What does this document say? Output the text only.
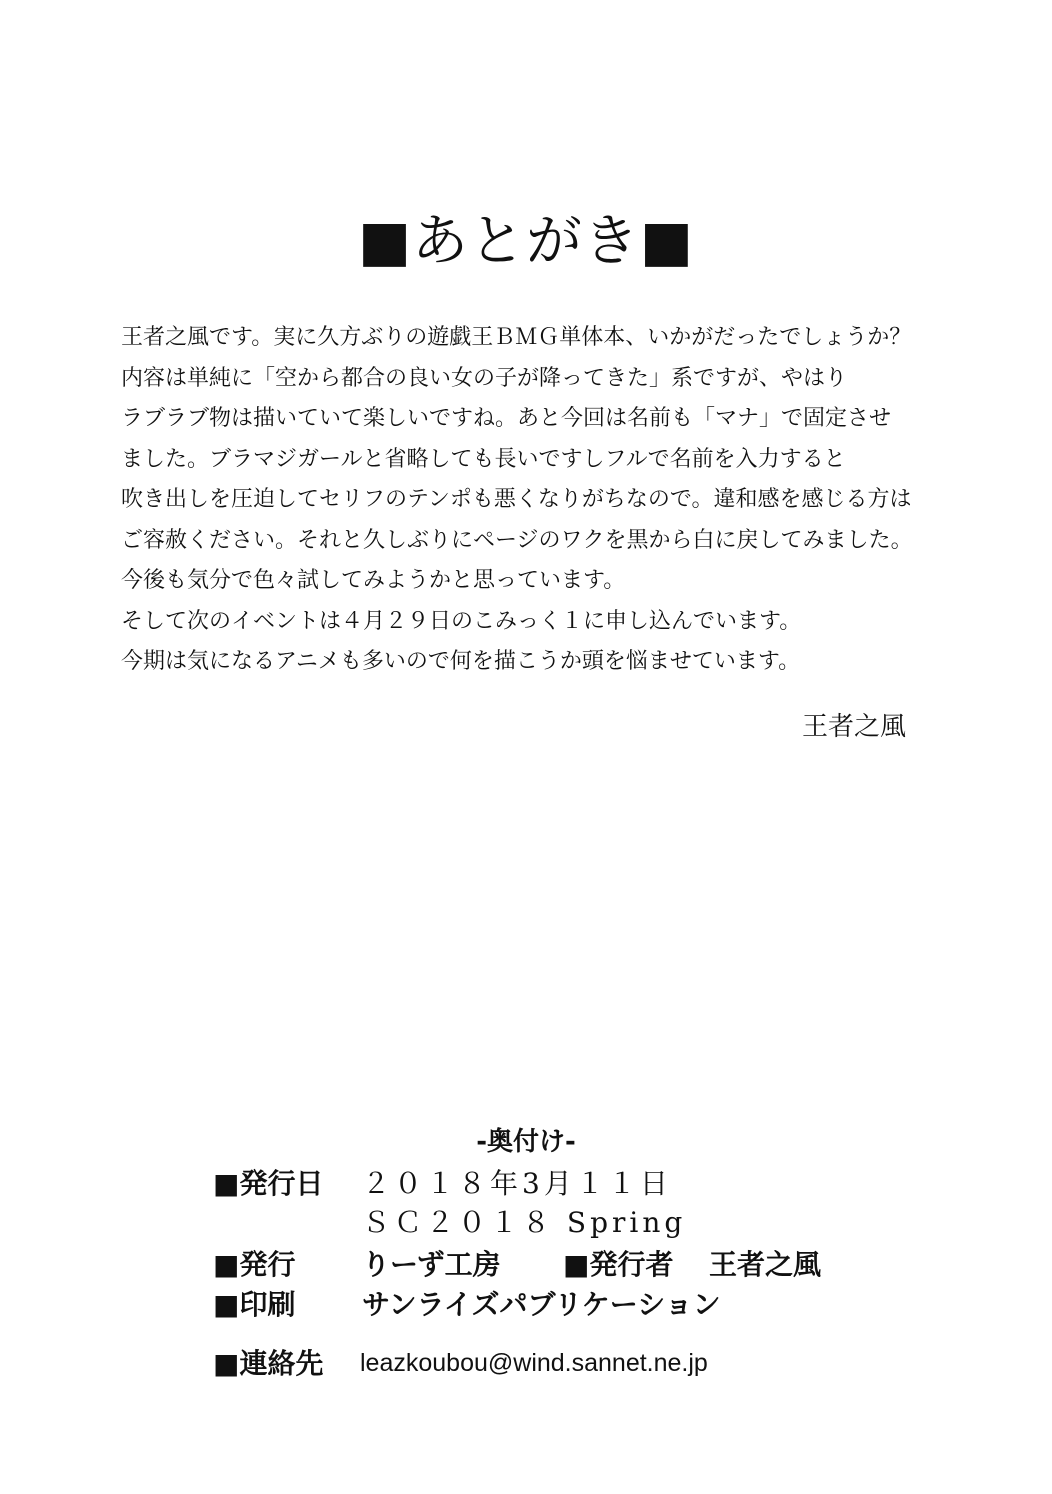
■あとがき■
王者之風です。実に久方ぶりの遊戯王ＢＭＧ単体本、いかがだったでしょうか？
内容は単純に「空から都合の良い女の子が降ってきた」系ですが、やはり
ラブラブ物は描いていて楽しいですね。あと今回は名前も「マナ」で固定させ
ました。ブラマジガールと省略しても長いですしフルで名前を入力すると
吹き出しを圧迫してセリフのテンポも悪くなりがちなので。違和感を感じる方は
ご容赦ください。それと久しぶりにページのワクを黒から白に戻してみました。
今後も気分で色々試してみようかと思っています。
そして次のイベントは４月２９日のこみっく１に申し込んでいます。
今期は気になるアニメも多いので何を描こうか頭を悩ませています。
王者之風
-奥付け-
■発行日 ２０１８年3月１１日
ＳＣ２０１８ Spring
■発行 りーず工房 ■発行者 王者之風
■印刷 サンライズパブリケーション
■連絡先 leazkoubou@wind.sannet.ne.jp
